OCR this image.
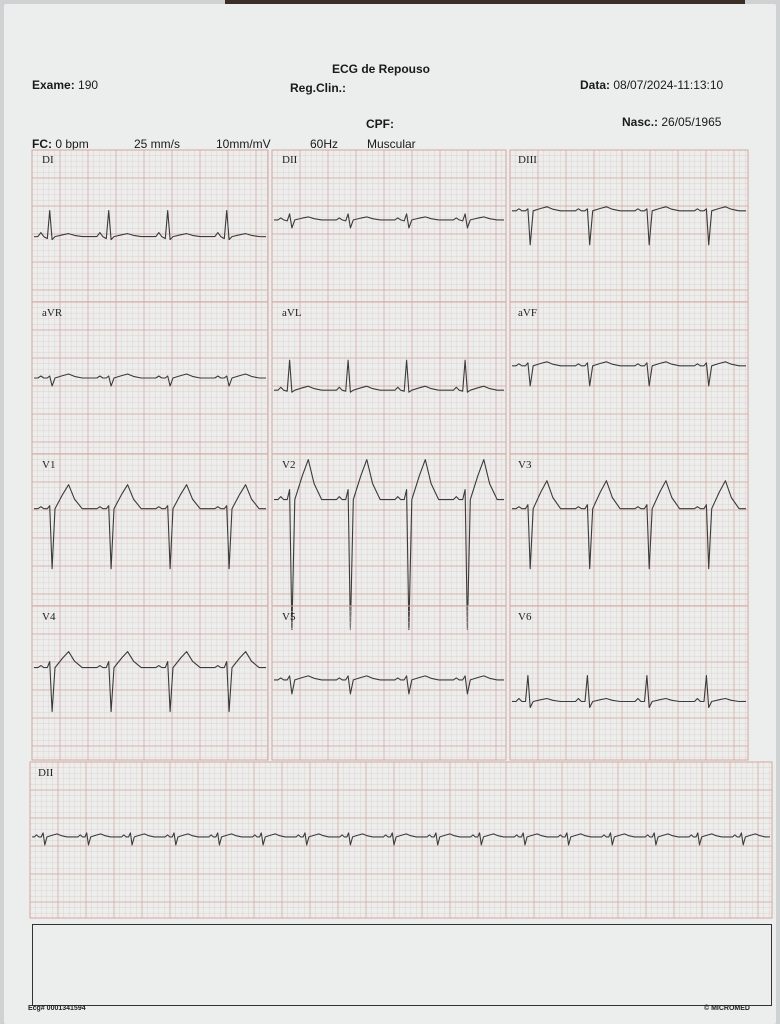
ECG de Repouso
Exame: 190	Reg.Clin.:	Data: 08/07/2024-11:13:10
CPF:	Nasc.: 26/05/1965
FC: 0 bpm	25 mm/s	10mm/mV	60Hz Muscular
DI	DII	DIII
aVR	aVL	aVF
V1	V2	V3
V4	V5	V6
DII
Ecg# 0001341594	© MICROMED
